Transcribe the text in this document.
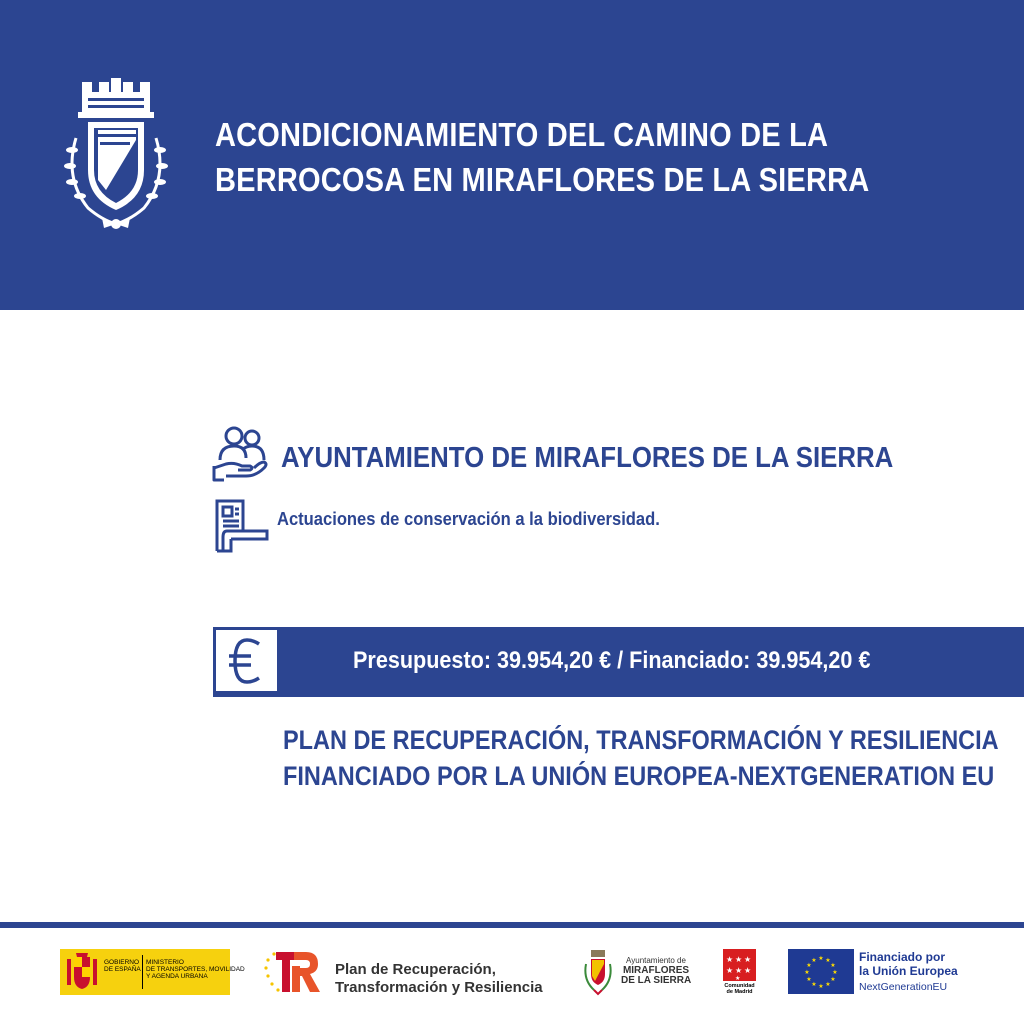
ACONDICIONAMIENTO DEL CAMINO DE LA
BERROCOSA EN MIRAFLORES DE LA SIERRA
AYUNTAMIENTO DE MIRAFLORES DE LA SIERRA
Actuaciones de conservación a la biodiversidad.
Presupuesto: 39.954,20 € / Financiado: 39.954,20 €
PLAN DE RECUPERACIÓN, TRANSFORMACIÓN Y RESILIENCIA
FINANCIADO POR LA UNIÓN EUROPEA-NEXTGENERATION EU
GOBIERNO
DE ESPAÑA
MINISTERIO
DE TRANSPORTES, MOVILIDAD
Y AGENDA URBANA	Plan de Recuperación,
Transformación y Resiliencia
Ayuntamiento de
MIRAFLORES
DE LA SIERRA
★ ★ ★
★ ★ ★
★
Comunidad
de Madrid
★ ★
★
★
★
★
★
★
★
★
★
★	Financiado por
la Unión Europea
NextGenerationEU
